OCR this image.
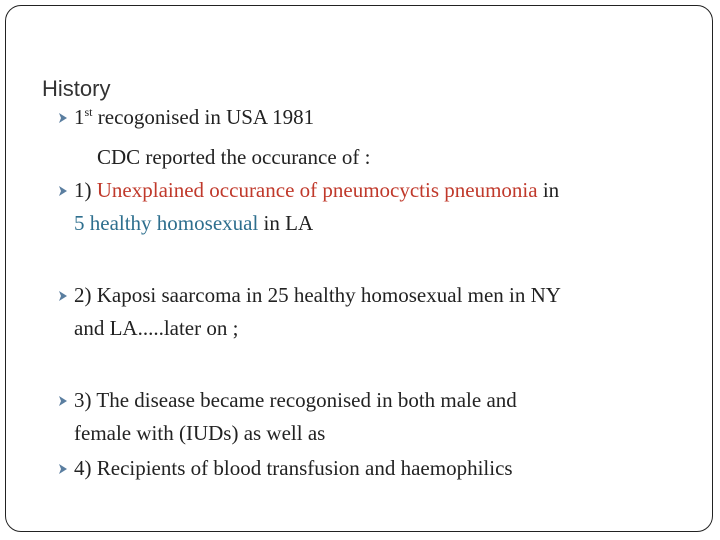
History
1st recogonised in USA 1981
CDC reported the occurance of :
1) Unexplained occurance of pneumocyctis pneumonia in
5 healthy homosexual in LA
2) Kaposi saarcoma in 25 healthy homosexual men in NY
and LA.....later on ;
3) The disease became recogonised in both male and
female with (IUDs) as well as
4) Recipients of blood transfusion and haemophilics
